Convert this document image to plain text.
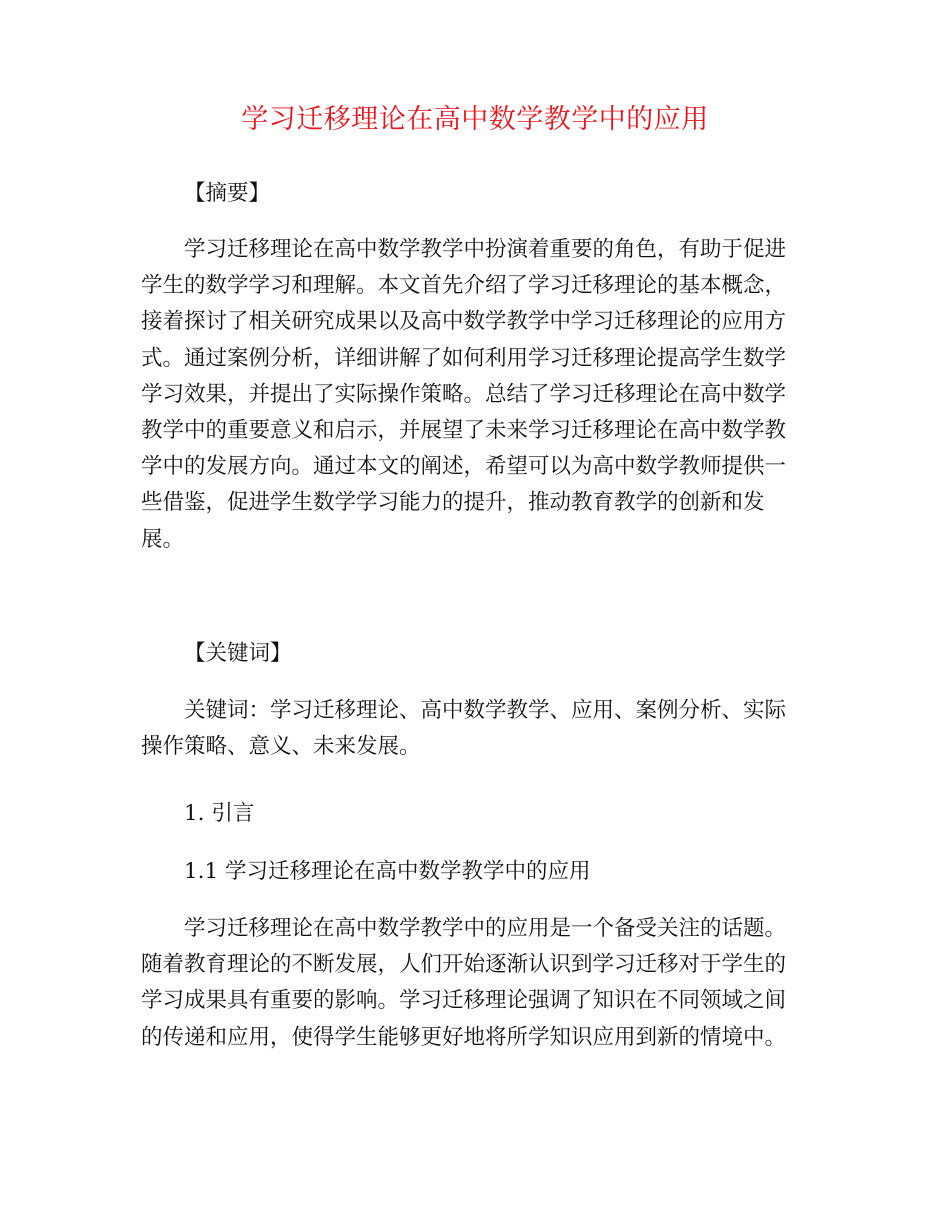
学习迁移理论在高中数学教学中的应用

【摘要】

学习迁移理论在高中数学教学中扮演着重要的角色，有助于促进学生的数学学习和理解。本文首先介绍了学习迁移理论的基本概念，接着探讨了相关研究成果以及高中数学教学中学习迁移理论的应用方式。通过案例分析，详细讲解了如何利用学习迁移理论提高学生数学学习效果，并提出了实际操作策略。总结了学习迁移理论在高中数学教学中的重要意义和启示，并展望了未来学习迁移理论在高中数学教学中的发展方向。通过本文的阐述，希望可以为高中数学教师提供一些借鉴，促进学生数学学习能力的提升，推动教育教学的创新和发展。

【关键词】

关键词：学习迁移理论、高中数学教学、应用、案例分析、实际操作策略、意义、未来发展。

1. 引言

1.1 学习迁移理论在高中数学教学中的应用

学习迁移理论在高中数学教学中的应用是一个备受关注的话题。随着教育理论的不断发展，人们开始逐渐认识到学习迁移对于学生的学习成果具有重要的影响。学习迁移理论强调了知识在不同领域之间的传递和应用，使得学生能够更好地将所学知识应用到新的情境中。
